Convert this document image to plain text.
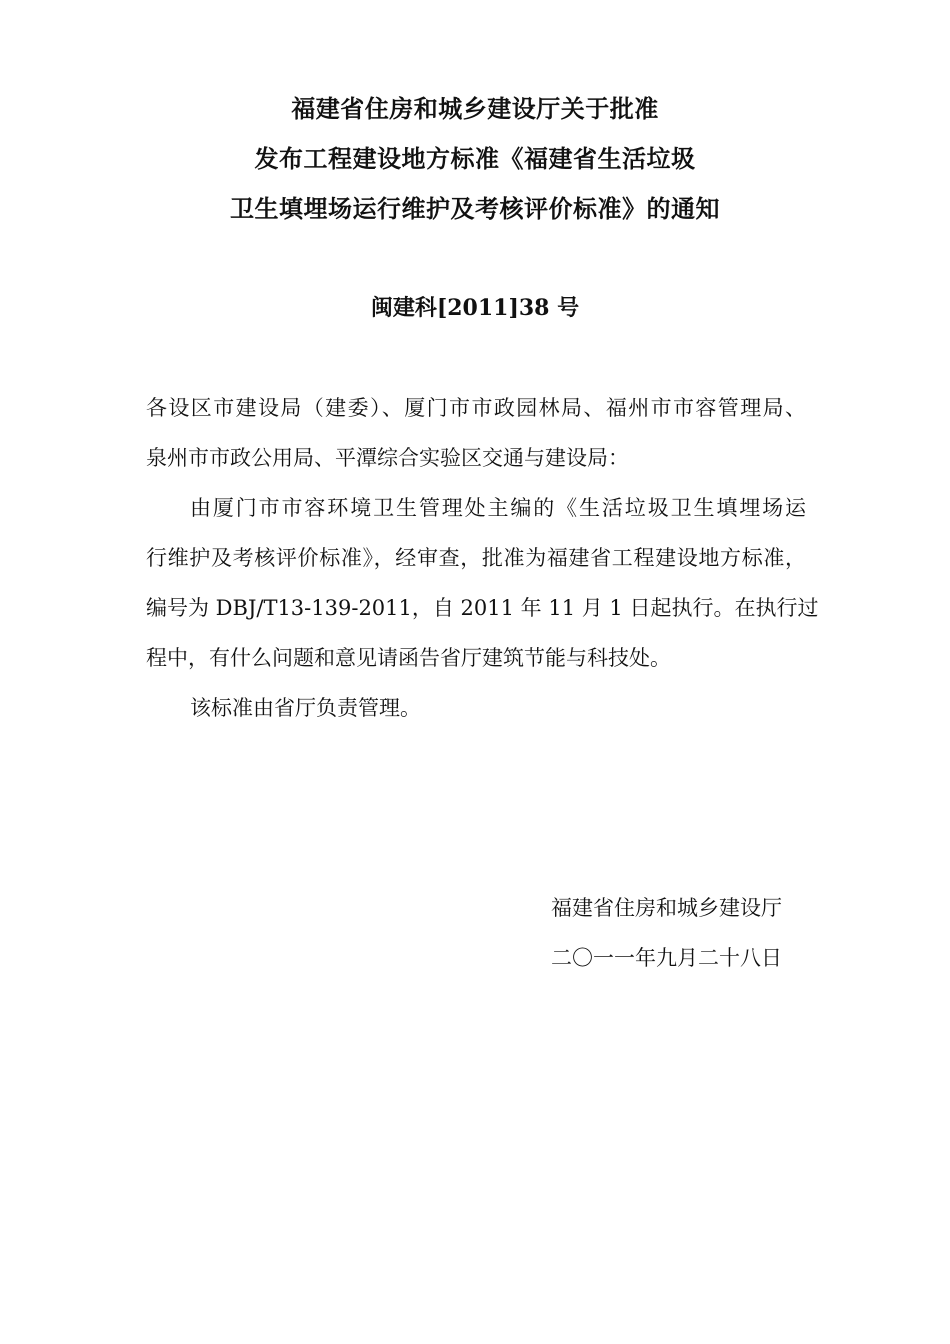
福建省住房和城乡建设厅关于批准
发布工程建设地方标准《福建省生活垃圾
卫生填埋场运行维护及考核评价标准》的通知
闽建科[2011]38 号
各设区市建设局（建委）、厦门市市政园林局、福州市市容管理局、
泉州市市政公用局、平潭综合实验区交通与建设局：
由厦门市市容环境卫生管理处主编的《生活垃圾卫生填埋场运
行维护及考核评价标准》，经审查，批准为福建省工程建设地方标准，
编号为 DBJ/T13-139-2011，自 2011 年 11 月 1 日起执行。在执行过
程中，有什么问题和意见请函告省厅建筑节能与科技处。
该标准由省厅负责管理。
福建省住房和城乡建设厅
二〇一一年九月二十八日
